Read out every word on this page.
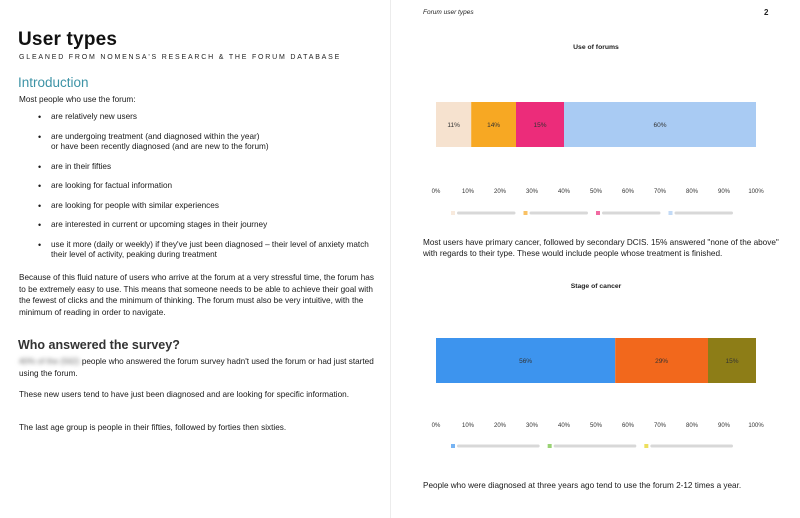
User types
GLEANED FROM NOMENSA'S RESEARCH & THE FORUM DATABASE
Introduction
Most people who use the forum:
• are relatively new users
• are undergoing treatment (and diagnosed within the year)
or have been recently diagnosed (and are new to the forum)
• are in their fifties
• are looking for factual information
• are looking for people with similar experiences
• are interested in current or upcoming stages in their journey
• use it more (daily or weekly) if they've just been diagnosed – their level of anxiety match their level of activity, peaking during treatment
Because of this fluid nature of users who arrive at the forum at a very stressful time, the forum has to be extremely easy to use. This means that someone needs to be able to achieve their goal with the fewest of clicks and the minimum of thinking. The forum must also be very intuitive, with the minimum of reading in order to navigate.
Who answered the survey?
40% of the (562) people who answered the forum survey hadn't used the forum or had just started using the forum.
These new users tend to have just been diagnosed and are looking for specific information.
The last age group is people in their fifties, followed by forties then sixties.
Forum user types	2
Use of forums
11%	14%	15%	60%
0%	10%	20%	30%	40%	50%	60%	70%	80%	90%	100%
Most users have primary cancer, followed by secondary DCIS. 15% answered "none of the above" with regards to their type. These would include people whose treatment is finished.
Stage of cancer
56%	29%	15%
0%	10%	20%	30%	40%	50%	60%	70%	80%	90%	100%
People who were diagnosed at three years ago tend to use the forum 2-12 times a year.
